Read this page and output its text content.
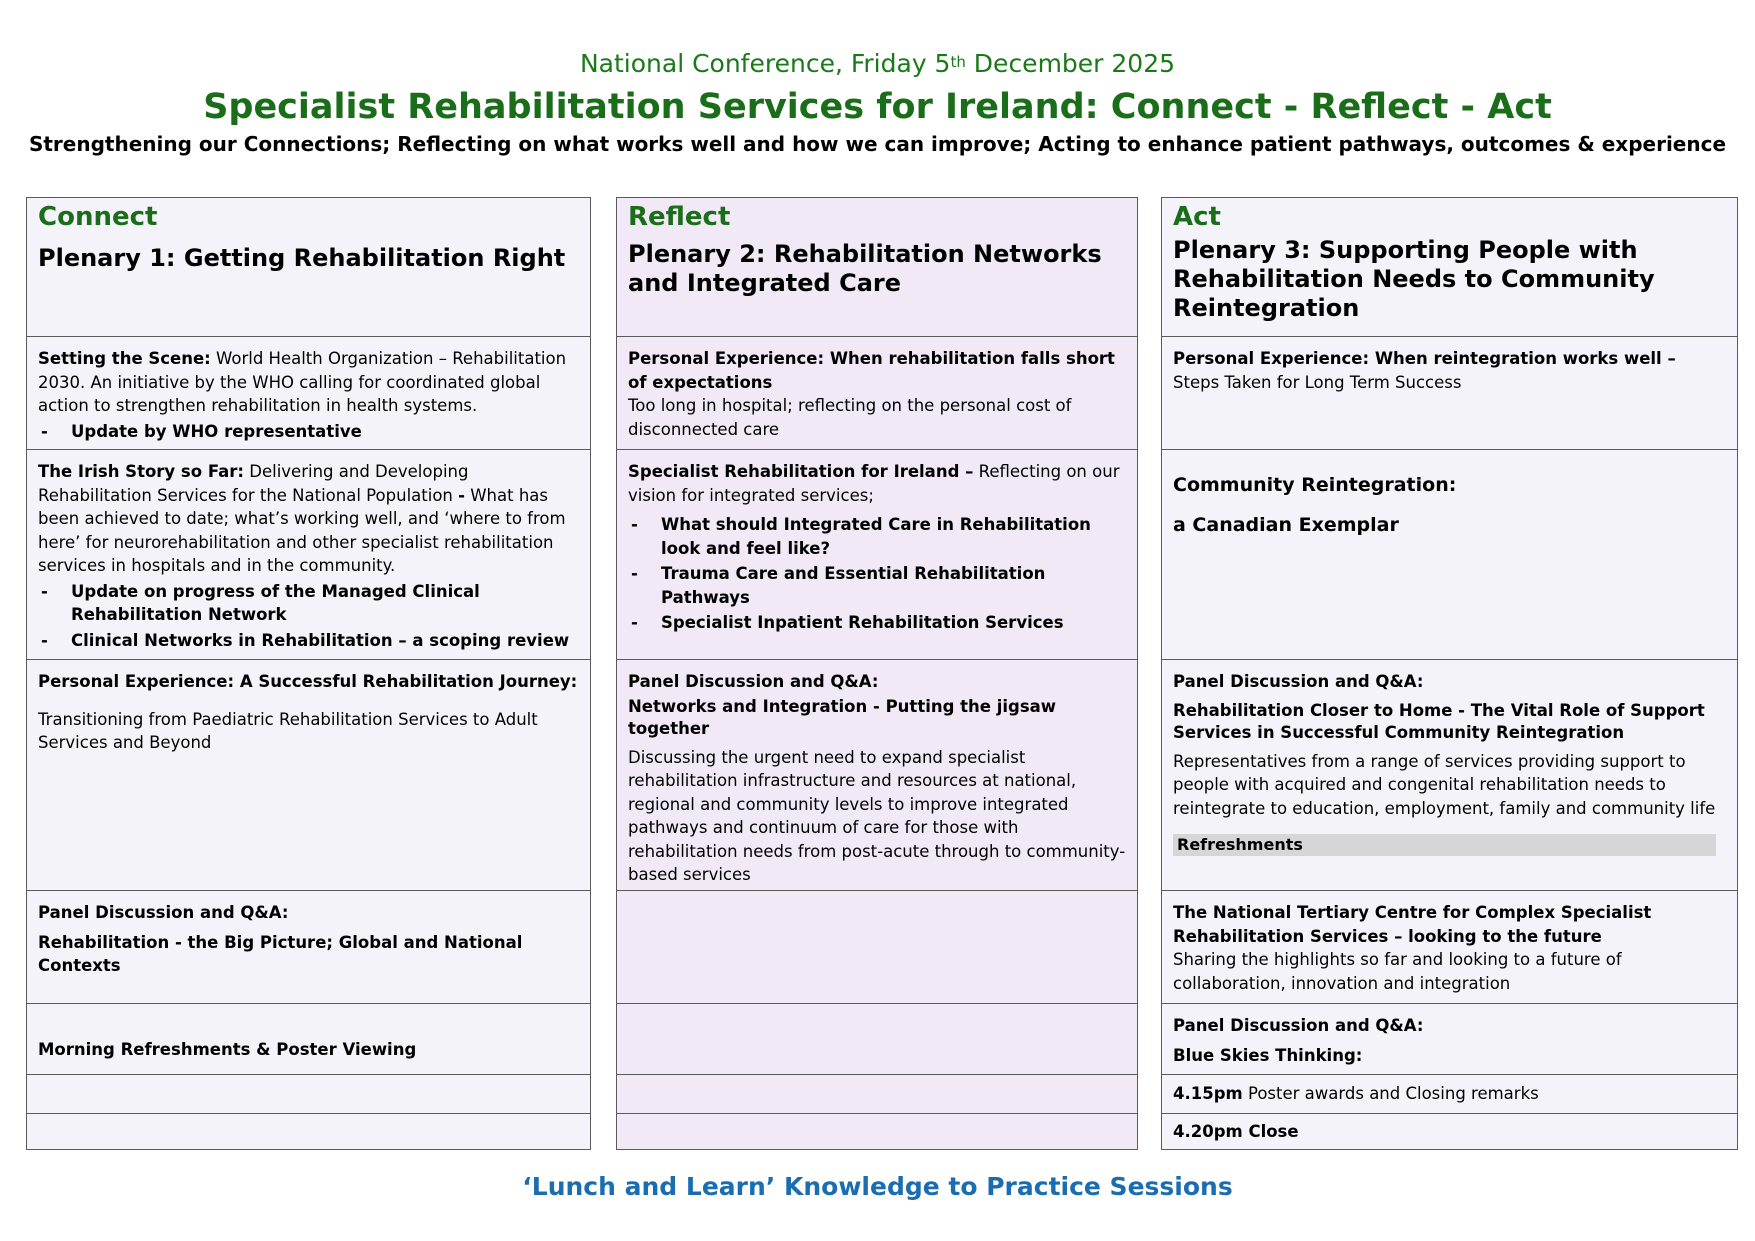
National Conference, Friday 5th December 2025
Specialist Rehabilitation Services for Ireland: Connect - Reflect - Act
Strengthening our Connections; Reflecting on what works well and how we can improve; Acting to enhance patient pathways, outcomes & experience
Connect
Plenary 1: Getting Rehabilitation Right
Setting the Scene: World Health Organization – Rehabilitation 2030. An initiative by the WHO calling for coordinated global action to strengthen rehabilitation in health systems.
- Update by WHO representative
The Irish Story so Far: Delivering and Developing Rehabilitation Services for the National Population - What has been achieved to date; what’s working well, and ‘where to from here’ for neurorehabilitation and other specialist rehabilitation services in hospitals and in the community.
- Update on progress of the Managed Clinical Rehabilitation Network
- Clinical Networks in Rehabilitation – a scoping review
Personal Experience: A Successful Rehabilitation Journey:
Transitioning from Paediatric Rehabilitation Services to Adult Services and Beyond
Panel Discussion and Q&A:
Rehabilitation - the Big Picture; Global and National Contexts
Morning Refreshments & Poster Viewing
Reflect
Plenary 2: Rehabilitation Networks and Integrated Care
Personal Experience: When rehabilitation falls short of expectations
Too long in hospital; reflecting on the personal cost of disconnected care
Specialist Rehabilitation for Ireland – Reflecting on our vision for integrated services;
- What should Integrated Care in Rehabilitation look and feel like?
- Trauma Care and Essential Rehabilitation Pathways
- Specialist Inpatient Rehabilitation Services
Panel Discussion and Q&A:
Networks and Integration - Putting the jigsaw together
Discussing the urgent need to expand specialist rehabilitation infrastructure and resources at national, regional and community levels to improve integrated pathways and continuum of care for those with rehabilitation needs from post-acute through to community-based services
Act
Plenary 3: Supporting People with Rehabilitation Needs to Community Reintegration
Personal Experience: When reintegration works well –
Steps Taken for Long Term Success
Community Reintegration:
a Canadian Exemplar
Panel Discussion and Q&A:
Rehabilitation Closer to Home - The Vital Role of Support Services in Successful Community Reintegration
Representatives from a range of services providing support to people with acquired and congenital rehabilitation needs to reintegrate to education, employment, family and community life
Refreshments
The National Tertiary Centre for Complex Specialist Rehabilitation Services – looking to the future
Sharing the highlights so far and looking to a future of collaboration, innovation and integration
Panel Discussion and Q&A:
Blue Skies Thinking:
4.15pm Poster awards and Closing remarks
4.20pm Close
‘Lunch and Learn’ Knowledge to Practice Sessions
